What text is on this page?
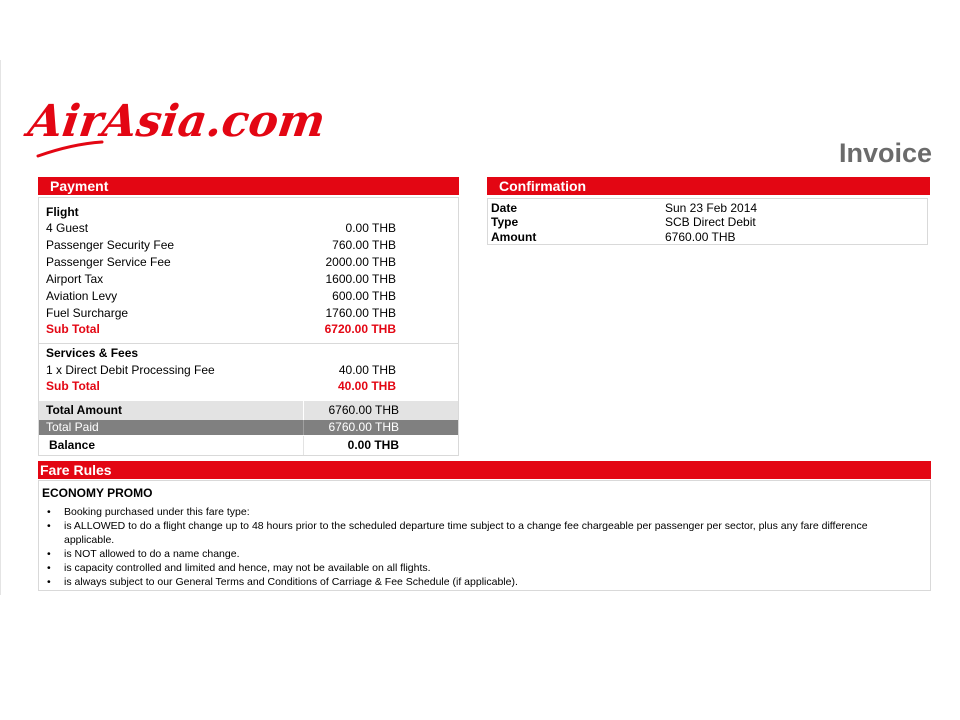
AirAsia.com
Invoice
Payment
Flight
4 Guest	0.00 THB
Passenger Security Fee	760.00 THB
Passenger Service Fee	2000.00 THB
Airport Tax	1600.00 THB
Aviation Levy	600.00 THB
Fuel Surcharge	1760.00 THB
Sub Total	6720.00 THB
Services & Fees
1 x Direct Debit Processing Fee	40.00 THB
Sub Total	40.00 THB
Total Amount	6760.00 THB
Total Paid	6760.00 THB
Balance	0.00 THB
Confirmation
Date	Sun 23 Feb 2014
Type	SCB Direct Debit
Amount	6760.00 THB
Fare Rules
ECONOMY PROMO
• Booking purchased under this fare type:
• is ALLOWED to do a flight change up to 48 hours prior to the scheduled departure time subject to a change fee chargeable per passenger per sector, plus any fare difference applicable.
• is NOT allowed to do a name change.
• is capacity controlled and limited and hence, may not be available on all flights.
• is always subject to our General Terms and Conditions of Carriage & Fee Schedule (if applicable).
